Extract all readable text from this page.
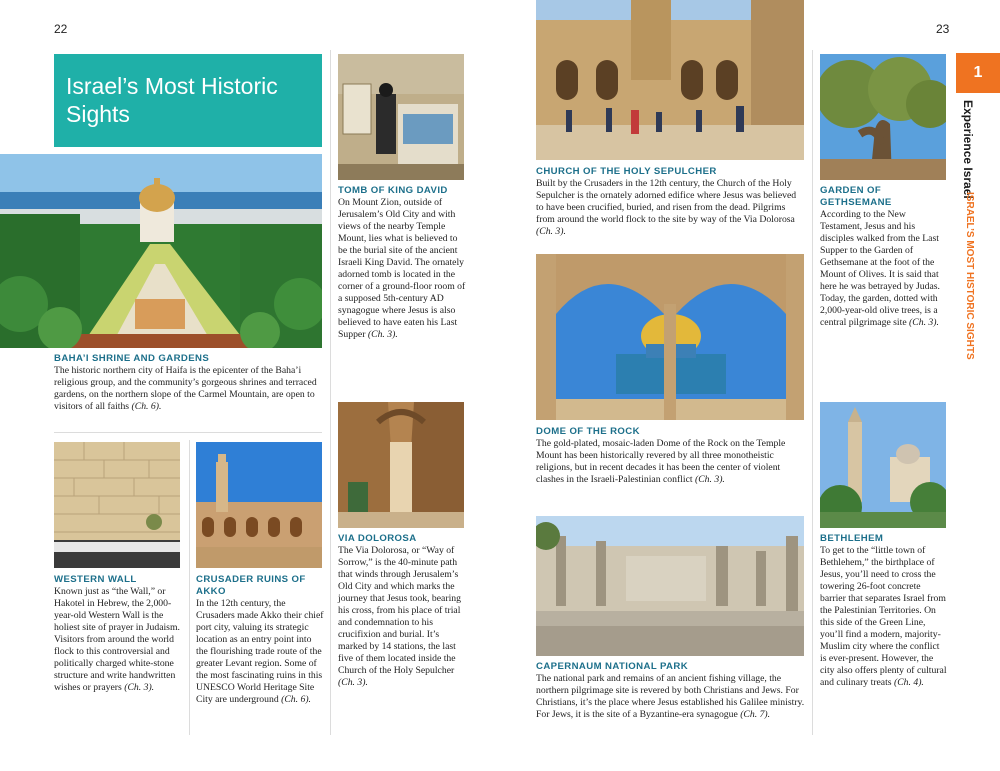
22	23
Israel’s Most Historic Sights
1
Experience Israel
ISRAEL’S MOST HISTORIC SIGHTS
BAHA’I SHRINE AND GARDENS
The historic northern city of Haifa is the epicenter of the Baha’i religious group, and the community’s gorgeous shrines and terraced gardens, on the northern slope of the Carmel Mountain, are open to visitors of all faiths (Ch. 6).
TOMB OF KING DAVID
On Mount Zion, outside of Jerusalem’s Old City and with views of the nearby Temple Mount, lies what is believed to be the burial site of the ancient Israeli King David. The ornately adorned tomb is located in the corner of a ground-floor room of a supposed 5th-century AD synagogue where Jesus is also believed to have eaten his Last Supper (Ch. 3).
WESTERN WALL
Known just as “the Wall,” or Hakotel in Hebrew, the 2,000-year-old Western Wall is the holiest site of prayer in Judaism. Visitors from around the world flock to this controversial and politically charged white-stone structure and write handwritten wishes or prayers (Ch. 3).
CRUSADER RUINS OF AKKO
In the 12th century, the Crusaders made Akko their chief port city, valuing its strategic location as an entry point into the flourishing trade route of the greater Levant region. Some of the most fascinating ruins in this UNESCO World Heritage Site City are underground (Ch. 6).
VIA DOLOROSA
The Via Dolorosa, or “Way of Sorrow,” is the 40-minute path that winds through Jerusalem’s Old City and which marks the journey that Jesus took, bearing his cross, from his place of trial and condemnation to his crucifixion and burial. It’s marked by 14 stations, the last five of them located inside the Church of the Holy Sepulcher (Ch. 3).
CHURCH OF THE HOLY SEPULCHER
Built by the Crusaders in the 12th century, the Church of the Holy Sepulcher is the ornately adorned edifice where Jesus was believed to have been crucified, buried, and risen from the dead. Pilgrims from around the world flock to the site by way of the Via Dolorosa (Ch. 3).
DOME OF THE ROCK
The gold-plated, mosaic-laden Dome of the Rock on the Temple Mount has been historically revered by all three monotheistic religions, but in recent decades it has been the center of violent clashes in the Israeli-Palestinian conflict (Ch. 3).
CAPERNAUM NATIONAL PARK
The national park and remains of an ancient fishing village, the northern pilgrimage site is revered by both Christians and Jews. For Christians, it’s the place where Jesus established his Galilee ministry. For Jews, it is the site of a Byzantine-era synagogue (Ch. 7).
GARDEN OF GETHSEMANE
According to the New Testament, Jesus and his disciples walked from the Last Supper to the Garden of Gethsemane at the foot of the Mount of Olives. It is said that here he was betrayed by Judas. Today, the garden, dotted with 2,000-year-old olive trees, is a central pilgrimage site (Ch. 3).
BETHLEHEM
To get to the “little town of Bethlehem,” the birthplace of Jesus, you’ll need to cross the towering 26-foot concrete barrier that separates Israel from the Palestinian Territories. On this side of the Green Line, you’ll find a modern, majority-Muslim city where the conflict is ever-present. However, the city also offers plenty of cultural and culinary treats (Ch. 4).
